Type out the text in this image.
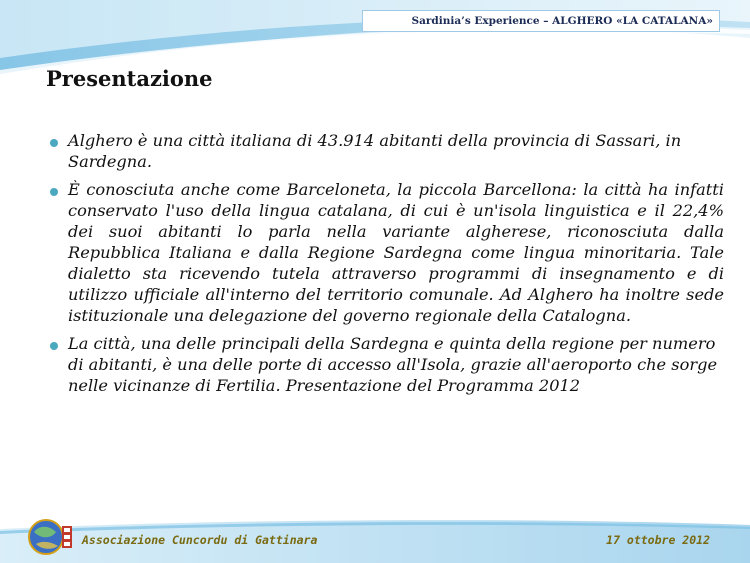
Sardinia’s Experience – ALGHERO «LA CATALANA»
Presentazione
Alghero è una città italiana di 43.914 abitanti della provincia di Sassari, in Sardegna.
È conosciuta anche come Barceloneta, la piccola Barcellona: la città ha infatti conservato l'uso della lingua catalana, di cui è un'isola linguistica e il 22,4% dei suoi abitanti lo parla nella variante algherese, riconosciuta dalla Repubblica Italiana e dalla Regione Sardegna come lingua minoritaria. Tale dialetto sta ricevendo tutela attraverso programmi di insegnamento e di utilizzo ufficiale all'interno del territorio comunale. Ad Alghero ha inoltre sede istituzionale una delegazione del governo regionale della Catalogna.
La città, una delle principali della Sardegna e quinta della regione per numero di abitanti, è una delle porte di accesso all'Isola, grazie all'aeroporto che sorge nelle vicinanze di Fertilia. Presentazione del Programma 2012
Associazione Cuncordu di Gattinara	17 ottobre 2012
